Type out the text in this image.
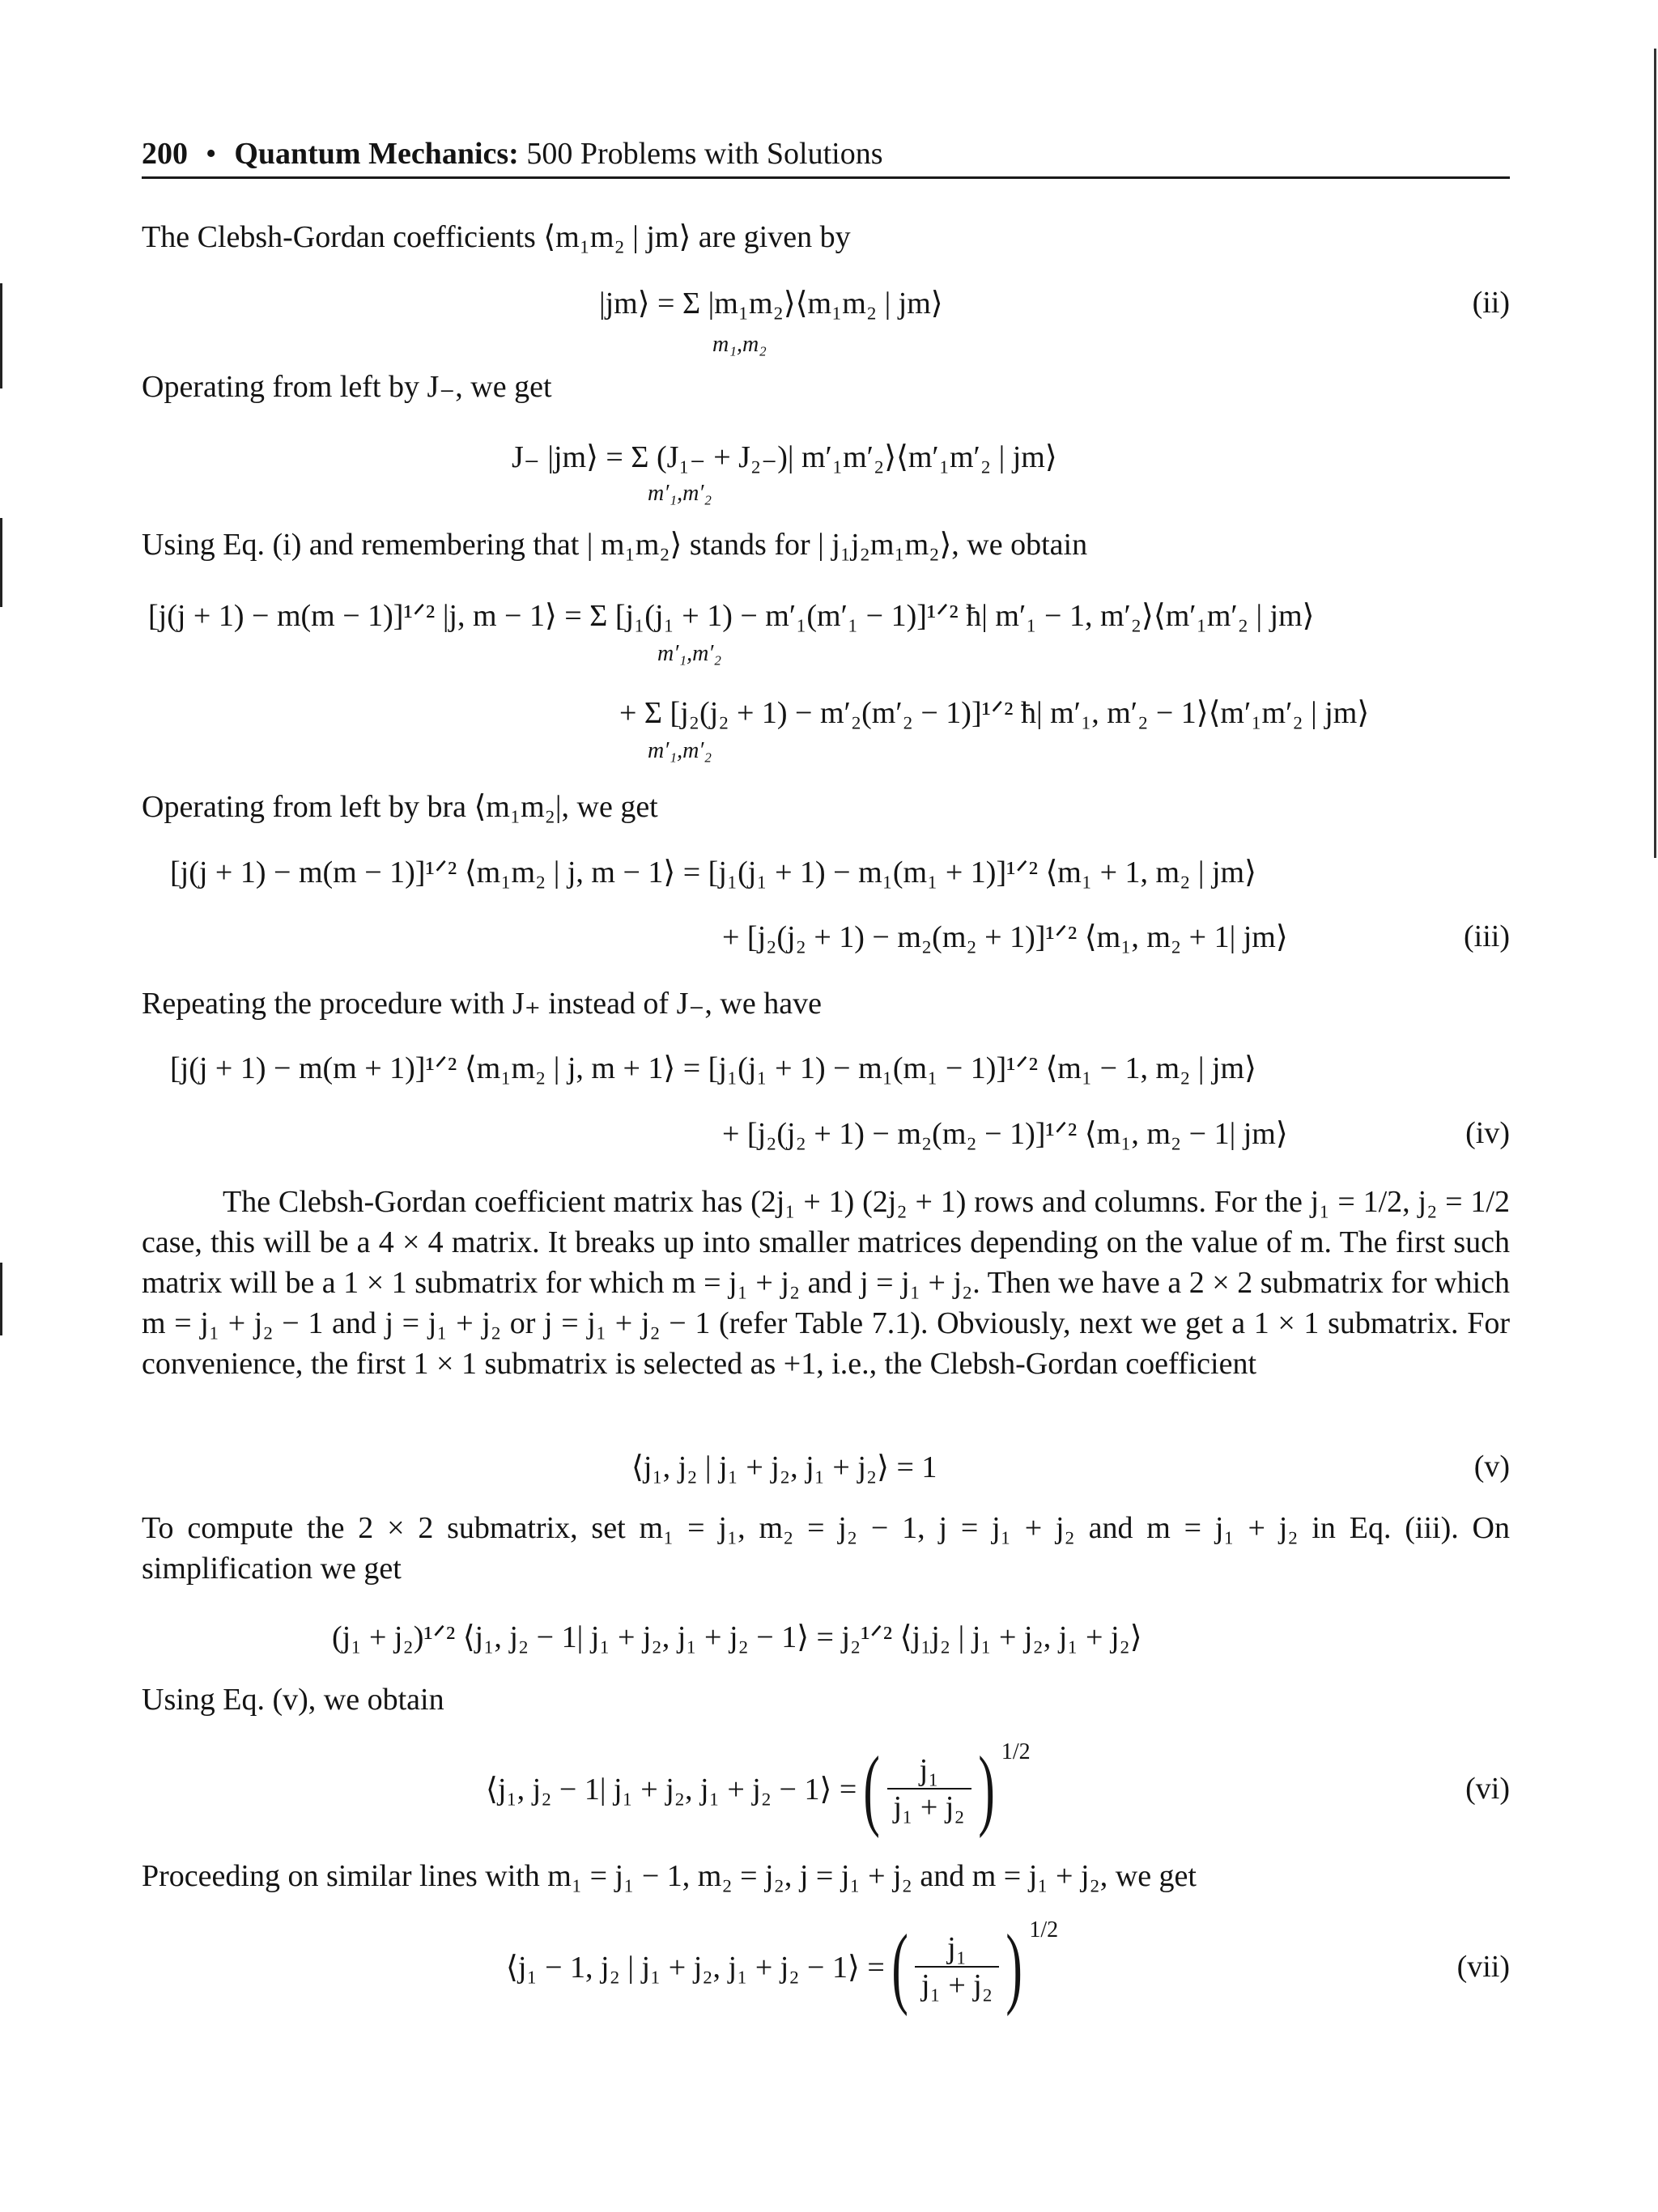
200 • Quantum Mechanics: 500 Problems with Solutions
The Clebsh-Gordan coefficients ⟨m₁m₂ | jm⟩ are given by
|jm⟩ = Σ |m₁m₂⟩⟨m₁m₂ | jm⟩
m₁,m₂
(ii)
Operating from left by J₋, we get
J₋ |jm⟩ = Σ (J₁₋ + J₂₋)| m′₁m′₂⟩⟨m′₁m′₂ | jm⟩
m′₁,m′₂
Using Eq. (i) and remembering that | m₁m₂⟩ stands for | j₁j₂m₁m₂⟩, we obtain
[j(j + 1) − m(m − 1)]¹ᐟ² |j, m − 1⟩ = Σ [j₁(j₁ + 1) − m′₁(m′₁ − 1)]¹ᐟ² ħ| m′₁ − 1, m′₂⟩⟨m′₁m′₂ | jm⟩
m′₁,m′₂
+ Σ [j₂(j₂ + 1) − m′₂(m′₂ − 1)]¹ᐟ² ħ| m′₁, m′₂ − 1⟩⟨m′₁m′₂ | jm⟩
m′₁,m′₂
Operating from left by bra ⟨m₁m₂|, we get
[j(j + 1) − m(m − 1)]¹ᐟ² ⟨m₁m₂ | j, m − 1⟩ = [j₁(j₁ + 1) − m₁(m₁ + 1)]¹ᐟ² ⟨m₁ + 1, m₂ | jm⟩
+ [j₂(j₂ + 1) − m₂(m₂ + 1)]¹ᐟ² ⟨m₁, m₂ + 1| jm⟩	(iii)
Repeating the procedure with J₊ instead of J₋, we have
[j(j + 1) − m(m + 1)]¹ᐟ² ⟨m₁m₂ | j, m + 1⟩ = [j₁(j₁ + 1) − m₁(m₁ − 1)]¹ᐟ² ⟨m₁ − 1, m₂ | jm⟩
+ [j₂(j₂ + 1) − m₂(m₂ − 1)]¹ᐟ² ⟨m₁, m₂ − 1| jm⟩	(iv)
The Clebsh-Gordan coefficient matrix has (2j₁ + 1) (2j₂ + 1) rows and columns. For the j₁ = 1/2, j₂ = 1/2 case, this will be a 4 × 4 matrix. It breaks up into smaller matrices depending on the value of m. The first such matrix will be a 1 × 1 submatrix for which m = j₁ + j₂ and j = j₁ + j₂. Then we have a 2 × 2 submatrix for which m = j₁ + j₂ − 1 and j = j₁ + j₂ or j = j₁ + j₂ − 1 (refer Table 7.1). Obviously, next we get a 1 × 1 submatrix. For convenience, the first 1 × 1 submatrix is selected as +1, i.e., the Clebsh-Gordan coefficient
⟨j₁, j₂ | j₁ + j₂, j₁ + j₂⟩ = 1	(v)
To compute the 2 × 2 submatrix, set m₁ = j₁, m₂ = j₂ − 1, j = j₁ + j₂ and m = j₁ + j₂ in Eq. (iii). On simplification we get
(j₁ + j₂)¹ᐟ² ⟨j₁, j₂ − 1| j₁ + j₂, j₁ + j₂ − 1⟩ = j₂¹ᐟ² ⟨j₁j₂ | j₁ + j₂, j₁ + j₂⟩
Using Eq. (v), we obtain
⟨j₁, j₂ − 1| j₁ + j₂, j₁ + j₂ − 1⟩ = ( $\frac{\text{j₁}}{\text{j₁ + j₂}}$ ) 1/2
(vi)
Proceeding on similar lines with m₁ = j₁ − 1, m₂ = j₂, j = j₁ + j₂ and m = j₁ + j₂, we get
⟨j₁ − 1, j₂ | j₁ + j₂, j₁ + j₂ − 1⟩ = ( $\frac{\text{j₁}}{\text{j₁ + j₂}}$ ) 1/2
(vii)
